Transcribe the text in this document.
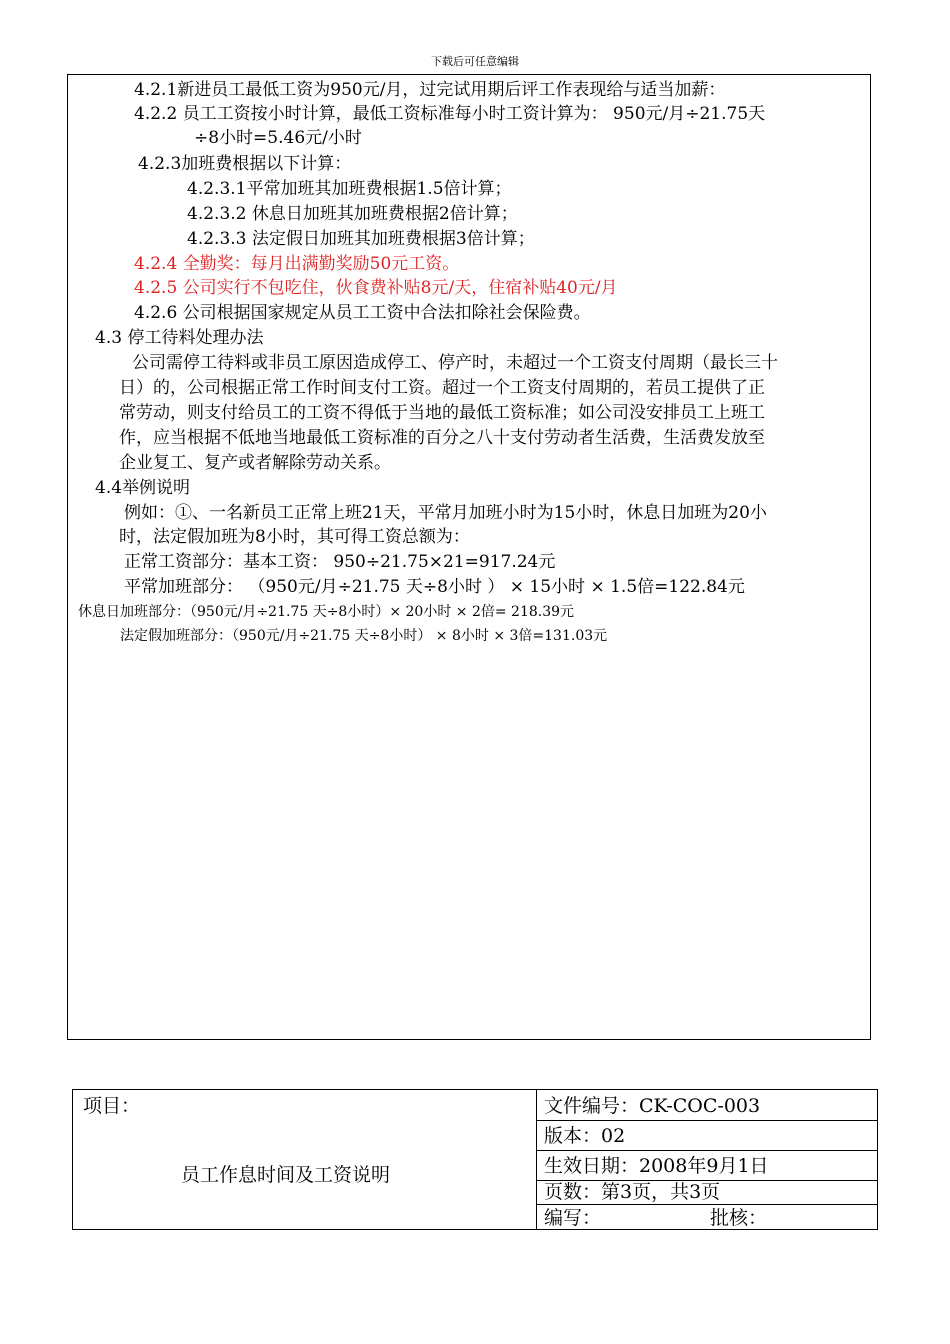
下载后可任意编辑
4.2.1新进员工最低工资为950元/月，过完试用期后评工作表现给与适当加薪：
4.2.2 员工工资按小时计算，最低工资标准每小时工资计算为： 950元/月÷21.75天
÷8小时=5.46元/小时
4.2.3加班费根据以下计算：
4.2.3.1平常加班其加班费根据1.5倍计算；
4.2.3.2 休息日加班其加班费根据2倍计算；
4.2.3.3 法定假日加班其加班费根据3倍计算；
4.2.4 全勤奖：每月出满勤奖励50元工资。
4.2.5 公司实行不包吃住，伙食费补贴8元/天，住宿补贴40元/月
4.2.6 公司根据国家规定从员工工资中合法扣除社会保险费。
4.3 停工待料处理办法
公司需停工待料或非员工原因造成停工、停产时，未超过一个工资支付周期（最长三十
日）的，公司根据正常工作时间支付工资。超过一个工资支付周期的，若员工提供了正
常劳动，则支付给员工的工资不得低于当地的最低工资标准；如公司没安排员工上班工
作，应当根据不低地当地最低工资标准的百分之八十支付劳动者生活费，生活费发放至
企业复工、复产或者解除劳动关系。
4.4举例说明
例如：①、一名新员工正常上班21天，平常月加班小时为15小时，休息日加班为20小
时，法定假加班为8小时，其可得工资总额为：
正常工资部分：基本工资： 950÷21.75×21=917.24元
平常加班部分： （950元/月÷21.75 天÷8小时 ） × 15小时 × 1.5倍=122.84元
休息日加班部分：（950元/月÷21.75 天÷8小时）× 20小时 × 2倍= 218.39元
法定假加班部分：（950元/月÷21.75 天÷8小时） × 8小时 × 3倍=131.03元
项目：
员工作息时间及工资说明
文件编号：CK-COC-003
版本：02
生效日期：2008年9月1日
页数：第3页，共3页
编写：	批核：
